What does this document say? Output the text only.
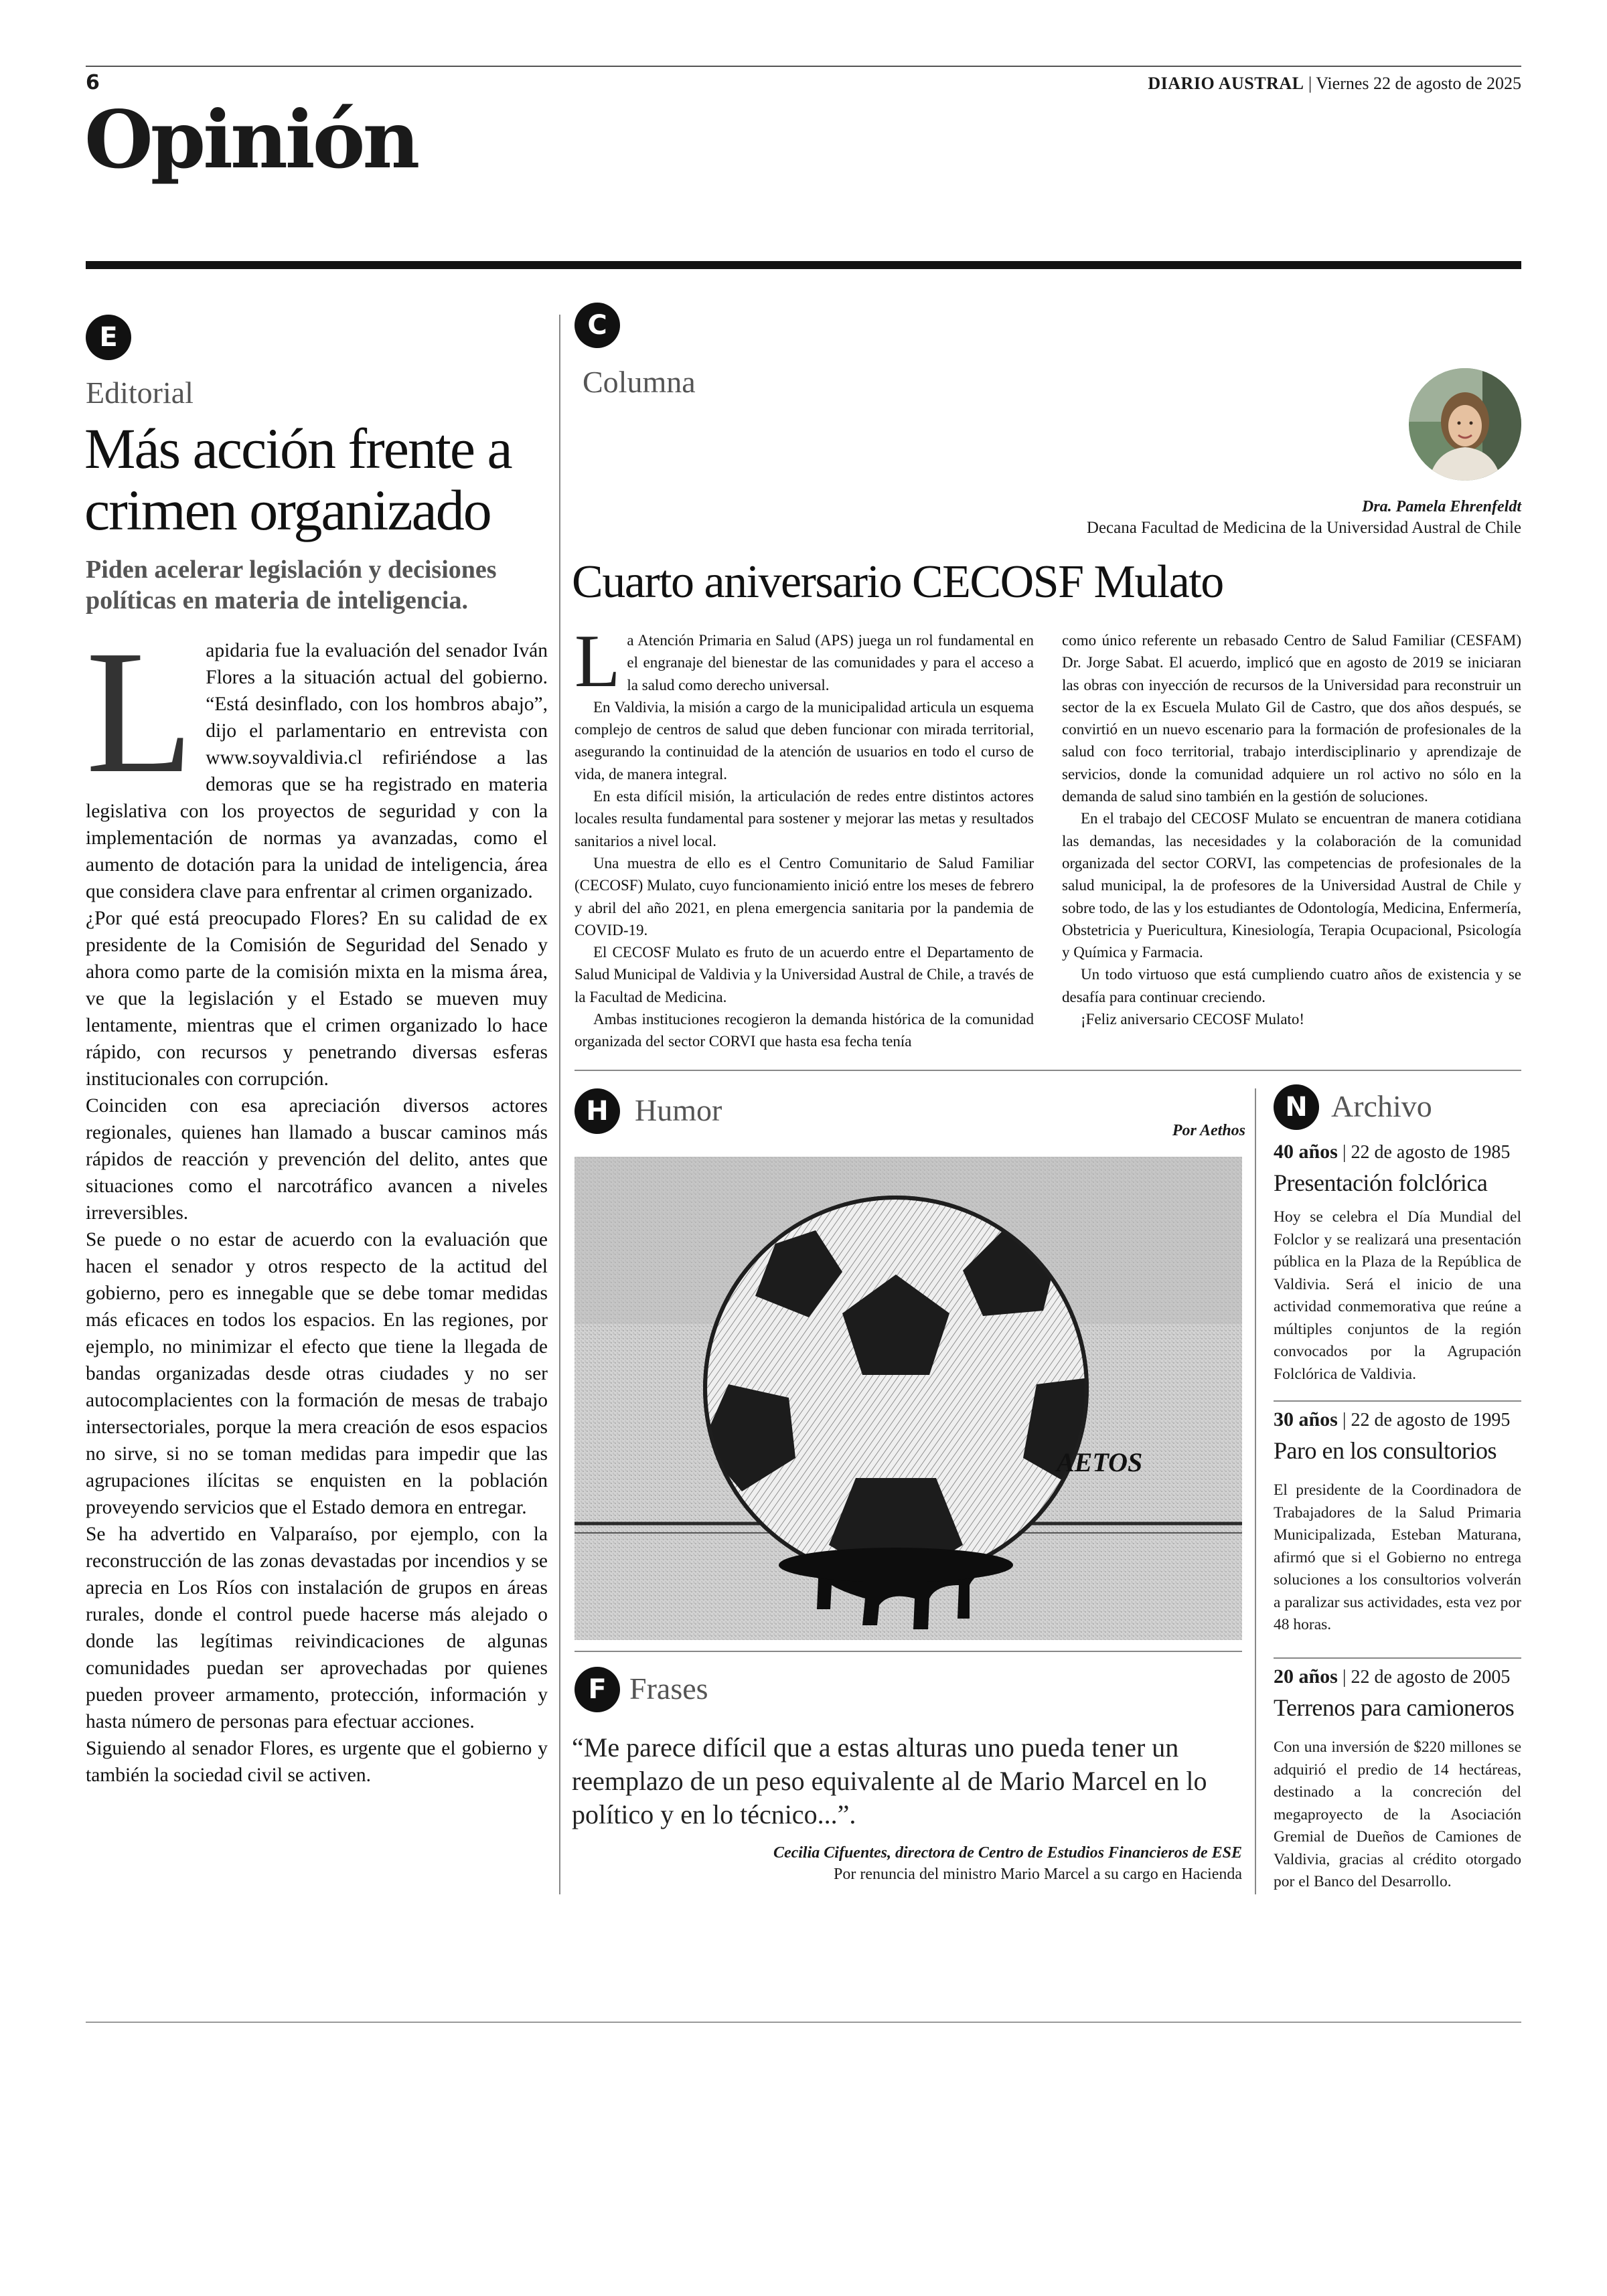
6	DIARIO AUSTRAL | Viernes 22 de agosto de 2025
Opinión
E
Editorial
Más acción frente a crimen organizado
Piden acelerar legislación y decisiones políticas en materia de inteligencia.
L apidaria fue la evaluación del senador Iván Flores a la situación actual del gobierno. “Está desinflado, con los hombros abajo”, dijo el parlamentario en entrevista con www.soyvaldivia.cl refiriéndose a las demoras que se ha registrado en materia legislativa con los proyectos de seguridad y con la implementación de normas ya avanzadas, como el aumento de dotación para la unidad de inteligencia, área que considera clave para enfrentar al crimen organizado.

¿Por qué está preocupado Flores? En su calidad de ex presidente de la Comisión de Seguridad del Senado y ahora como parte de la comisión mixta en la misma área, ve que la legislación y el Estado se mueven muy lentamente, mientras que el crimen organizado lo hace rápido, con recursos y penetrando diversas esferas institucionales con corrupción.

Coinciden con esa apreciación diversos actores regionales, quienes han llamado a buscar caminos más rápidos de reacción y prevención del delito, antes que situaciones como el narcotráfico avancen a niveles irreversibles.

Se puede o no estar de acuerdo con la evaluación que hacen el senador y otros respecto de la actitud del gobierno, pero es innegable que se debe tomar medidas más eficaces en todos los espacios. En las regiones, por ejemplo, no minimizar el efecto que tiene la llegada de bandas organizadas desde otras ciudades y no ser autocomplacientes con la formación de mesas de trabajo intersectoriales, porque la mera creación de esos espacios no sirve, si no se toman medidas para impedir que las agrupaciones ilícitas se enquisten en la población proveyendo servicios que el Estado demora en entregar.

Se ha advertido en Valparaíso, por ejemplo, con la reconstrucción de las zonas devastadas por incendios y se aprecia en Los Ríos con instalación de grupos en áreas rurales, donde el control puede hacerse más alejado o donde las legítimas reivindicaciones de algunas comunidades puedan ser aprovechadas por quienes pueden proveer armamento, protección, información y hasta número de personas para efectuar acciones.

Siguiendo al senador Flores, es urgente que el gobierno y también la sociedad civil se activen.

C
Columna
Dra. Pamela Ehrenfeldt
Decana Facultad de Medicina de la Universidad Austral de Chile
Cuarto aniversario CECOSF Mulato
L a Atención Primaria en Salud (APS) juega un rol fundamental en el engranaje del bienestar de las comunidades y para el acceso a la salud como derecho universal.

En Valdivia, la misión a cargo de la municipalidad articula un esquema complejo de centros de salud que deben funcionar con mirada territorial, asegurando la continuidad de la atención de usuarios en todo el curso de vida, de manera integral.

En esta difícil misión, la articulación de redes entre distintos actores locales resulta fundamental para sostener y mejorar las metas y resultados sanitarios a nivel local.

Una muestra de ello es el Centro Comunitario de Salud Familiar (CECOSF) Mulato, cuyo funcionamiento inició entre los meses de febrero y abril del año 2021, en plena emergencia sanitaria por la pandemia de COVID-19.

El CECOSF Mulato es fruto de un acuerdo entre el Departamento de Salud Municipal de Valdivia y la Universidad Austral de Chile, a través de la Facultad de Medicina.

Ambas instituciones recogieron la demanda histórica de la comunidad organizada del sector CORVI que hasta esa fecha tenía

como único referente un rebasado Centro de Salud Familiar (CESFAM) Dr. Jorge Sabat. El acuerdo, implicó que en agosto de 2019 se iniciaran las obras con inyección de recursos de la Universidad para reconstruir un sector de la ex Escuela Mulato Gil de Castro, que dos años después, se convirtió en un nuevo escenario para la formación de profesionales de la salud con foco territorial, trabajo interdisciplinario y aprendizaje de servicios, donde la comunidad adquiere un rol activo no sólo en la demanda de salud sino también en la gestión de soluciones.

En el trabajo del CECOSF Mulato se encuentran de manera cotidiana las demandas, las necesidades y la colaboración de la comunidad organizada del sector CORVI, las competencias de profesionales de la salud municipal, la de profesores de la Universidad Austral de Chile y sobre todo, de las y los estudiantes de Odontología, Medicina, Enfermería, Obstetricia y Puericultura, Kinesiología, Terapia Ocupacional, Psicología y Química y Farmacia.

Un todo virtuoso que está cumpliendo cuatro años de existencia y se desafía para continuar creciendo.

¡Feliz aniversario CECOSF Mulato!

H Humor
Por Aethos
AETOS
F Frases
“Me parece difícil que a estas alturas uno pueda tener un reemplazo de un peso equivalente al de Mario Marcel en lo político y en lo técnico...”.
Cecilia Cifuentes, directora de Centro de Estudios Financieros de ESE
Por renuncia del ministro Mario Marcel a su cargo en Hacienda
N Archivo
40 años | 22 de agosto de 1985
Presentación folclórica
Hoy se celebra el Día Mundial del Folclor y se realizará una presentación pública en la Plaza de la República de Valdivia. Será el inicio de una actividad conmemorativa que reúne a múltiples conjuntos de la región convocados por la Agrupación Folclórica de Valdivia.
30 años | 22 de agosto de 1995
Paro en los consultorios
El presidente de la Coordinadora de Trabajadores de la Salud Primaria Municipalizada, Esteban Maturana, afirmó que si el Gobierno no entrega soluciones a los consultorios volverán a paralizar sus actividades, esta vez por 48 horas.
20 años | 22 de agosto de 2005
Terrenos para camioneros
Con una inversión de $220 millones se adquirió el predio de 14 hectáreas, destinado a la concreción del megaproyecto de la Asociación Gremial de Dueños de Camiones de Valdivia, gracias al crédito otorgado por el Banco del Desarrollo.
